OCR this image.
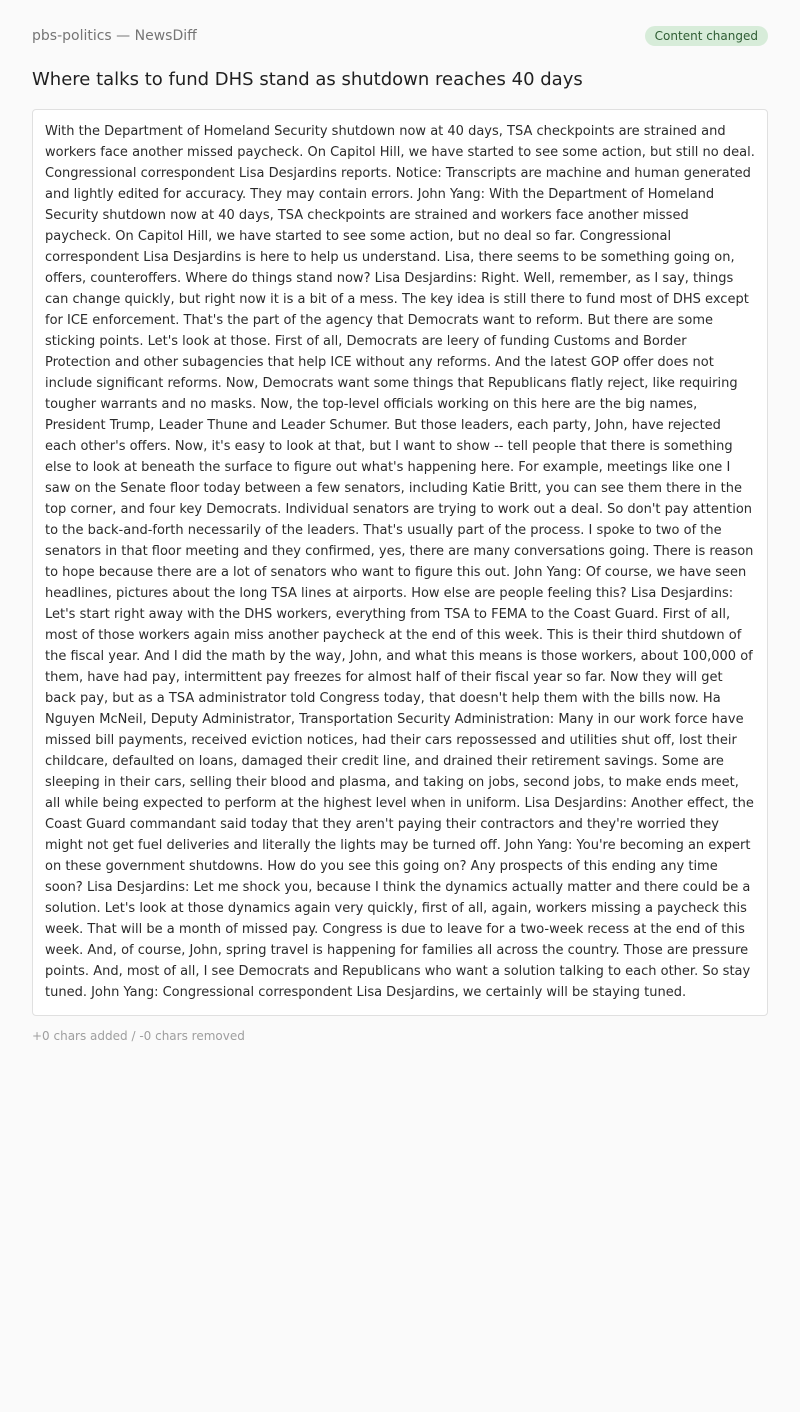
pbs-politics — NewsDiff	Content changed
Where talks to fund DHS stand as shutdown reaches 40 days

With the Department of Homeland Security shutdown now at 40 days, TSA checkpoints are strained and workers face another missed paycheck. On Capitol Hill, we have started to see some action, but still no deal. Congressional correspondent Lisa Desjardins reports. Notice: Transcripts are machine and human generated and lightly edited for accuracy. They may contain errors. John Yang: With the Department of Homeland Security shutdown now at 40 days, TSA checkpoints are strained and workers face another missed paycheck. On Capitol Hill, we have started to see some action, but no deal so far. Congressional correspondent Lisa Desjardins is here to help us understand. Lisa, there seems to be something going on, offers, counteroffers. Where do things stand now? Lisa Desjardins: Right. Well, remember, as I say, things can change quickly, but right now it is a bit of a mess. The key idea is still there to fund most of DHS except for ICE enforcement. That's the part of the agency that Democrats want to reform. But there are some sticking points. Let's look at those. First of all, Democrats are leery of funding Customs and Border Protection and other subagencies that help ICE without any reforms. And the latest GOP offer does not include significant reforms. Now, Democrats want some things that Republicans flatly reject, like requiring tougher warrants and no masks. Now, the top-level officials working on this here are the big names, President Trump, Leader Thune and Leader Schumer. But those leaders, each party, John, have rejected each other's offers. Now, it's easy to look at that, but I want to show -- tell people that there is something else to look at beneath the surface to figure out what's happening here. For example, meetings like one I saw on the Senate floor today between a few senators, including Katie Britt, you can see them there in the top corner, and four key Democrats. Individual senators are trying to work out a deal. So don't pay attention to the back-and-forth necessarily of the leaders. That's usually part of the process. I spoke to two of the senators in that floor meeting and they confirmed, yes, there are many conversations going. There is reason to hope because there are a lot of senators who want to figure this out. John Yang: Of course, we have seen headlines, pictures about the long TSA lines at airports. How else are people feeling this? Lisa Desjardins: Let's start right away with the DHS workers, everything from TSA to FEMA to the Coast Guard. First of all, most of those workers again miss another paycheck at the end of this week. This is their third shutdown of the fiscal year. And I did the math by the way, John, and what this means is those workers, about 100,000 of them, have had pay, intermittent pay freezes for almost half of their fiscal year so far. Now they will get back pay, but as a TSA administrator told Congress today, that doesn't help them with the bills now. Ha Nguyen McNeil, Deputy Administrator, Transportation Security Administration: Many in our work force have missed bill payments, received eviction notices, had their cars repossessed and utilities shut off, lost their childcare, defaulted on loans, damaged their credit line, and drained their retirement savings. Some are sleeping in their cars, selling their blood and plasma, and taking on jobs, second jobs, to make ends meet, all while being expected to perform at the highest level when in uniform. Lisa Desjardins: Another effect, the Coast Guard commandant said today that they aren't paying their contractors and they're worried they might not get fuel deliveries and literally the lights may be turned off. John Yang: You're becoming an expert on these government shutdowns. How do you see this going on? Any prospects of this ending any time soon? Lisa Desjardins: Let me shock you, because I think the dynamics actually matter and there could be a solution. Let's look at those dynamics again very quickly, first of all, again, workers missing a paycheck this week. That will be a month of missed pay. Congress is due to leave for a two-week recess at the end of this week. And, of course, John, spring travel is happening for families all across the country. Those are pressure points. And, most of all, I see Democrats and Republicans who want a solution talking to each other. So stay tuned. John Yang: Congressional correspondent Lisa Desjardins, we certainly will be staying tuned.

+0 chars added / -0 chars removed
